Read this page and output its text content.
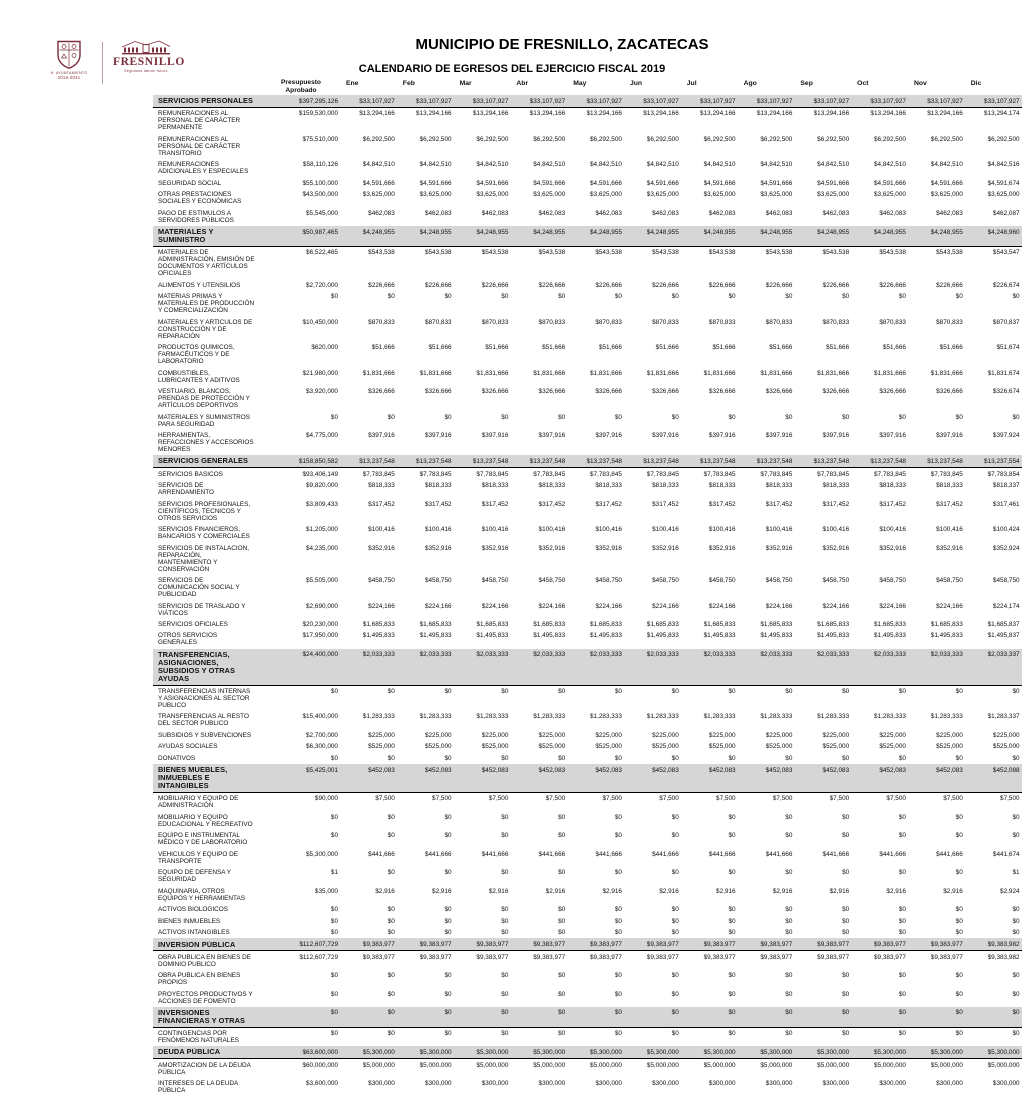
H. AYUNTAMIENTO
2018-2021
FRESNILLO
Seguimos dando futuro
MUNICIPIO DE FRESNILLO, ZACATECAS
CALENDARIO DE EGRESOS DEL EJERCICIO FISCAL 2019
Presupuesto Aprobado
Ene	Feb	Mar	Abr	May	Jun	Jul	Ago	Sep	Oct	Nov	Dic
SERVICIOS PERSONALES	$397,295,126	$33,107,927	$33,107,927	$33,107,927	$33,107,927	$33,107,927	$33,107,927	$33,107,927	$33,107,927	$33,107,927	$33,107,927	$33,107,927	$33,107,927
REMUNERACIONES AL PERSONAL DE CARÁCTER PERMANENTE
$159,530,000	$13,294,166	$13,294,166	$13,294,166	$13,294,166	$13,294,166	$13,294,166	$13,294,166	$13,294,166	$13,294,166	$13,294,166	$13,294,166	$13,294,174
REMUNERACIONES AL PERSONAL DE CARÁCTER TRANSITORIO
$75,510,000	$6,292,500	$6,292,500	$6,292,500	$6,292,500	$6,292,500	$6,292,500	$6,292,500	$6,292,500	$6,292,500	$6,292,500	$6,292,500	$6,292,500
REMUNERACIONES ADICIONALES Y ESPECIALES
$58,110,126	$4,842,510	$4,842,510	$4,842,510	$4,842,510	$4,842,510	$4,842,510	$4,842,510	$4,842,510	$4,842,510	$4,842,510	$4,842,510	$4,842,516
SEGURIDAD SOCIAL	$55,100,000	$4,591,666	$4,591,666	$4,591,666	$4,591,666	$4,591,666	$4,591,666	$4,591,666	$4,591,666	$4,591,666	$4,591,666	$4,591,666	$4,591,674
OTRAS PRESTACIONES SOCIALES Y ECONÓMICAS
$43,500,000	$3,625,000	$3,625,000	$3,625,000	$3,625,000	$3,625,000	$3,625,000	$3,625,000	$3,625,000	$3,625,000	$3,625,000	$3,625,000	$3,625,000
PAGO DE ESTÍMULOS A SERVIDORES PÚBLICOS
$5,545,000	$462,083	$462,083	$462,083	$462,083	$462,083	$462,083	$462,083	$462,083	$462,083	$462,083	$462,083	$462,087
MATERIALES Y SUMINISTRO
$50,987,465	$4,248,955	$4,248,955	$4,248,955	$4,248,955	$4,248,955	$4,248,955	$4,248,955	$4,248,955	$4,248,955	$4,248,955	$4,248,955	$4,248,960
MATERIALES DE ADMINISTRACIÓN, EMISIÓN DE DOCUMENTOS Y ARTÍCULOS OFICIALES
$6,522,465	$543,538	$543,538	$543,538	$543,538	$543,538	$543,538	$543,538	$543,538	$543,538	$543,538	$543,538	$543,547
ALIMENTOS Y UTENSILIOS	$2,720,000	$226,666	$226,666	$226,666	$226,666	$226,666	$226,666	$226,666	$226,666	$226,666	$226,666	$226,666	$226,674
MATERIAS PRIMAS Y MATERIALES DE PRODUCCIÓN Y COMERCIALIZACIÓN
$0	$0	$0	$0	$0	$0	$0	$0	$0	$0	$0	$0	$0
MATERIALES Y ARTÍCULOS DE CONSTRUCCIÓN Y DE REPARACIÓN
$10,450,000	$870,833	$870,833	$870,833	$870,833	$870,833	$870,833	$870,833	$870,833	$870,833	$870,833	$870,833	$870,837
PRODUCTOS QUÍMICOS, FARMACÉUTICOS Y DE LABORATORIO
$620,000	$51,666	$51,666	$51,666	$51,666	$51,666	$51,666	$51,666	$51,666	$51,666	$51,666	$51,666	$51,674
COMBUSTIBLES, LUBRICANTES Y ADITIVOS
$21,980,000	$1,831,666	$1,831,666	$1,831,666	$1,831,666	$1,831,666	$1,831,666	$1,831,666	$1,831,666	$1,831,666	$1,831,666	$1,831,666	$1,831,674
VESTUARIO, BLANCOS, PRENDAS DE PROTECCIÓN Y ARTÍCULOS DEPORTIVOS
$3,920,000	$326,666	$326,666	$326,666	$326,666	$326,666	$326,666	$326,666	$326,666	$326,666	$326,666	$326,666	$326,674
MATERIALES Y SUMINISTROS PARA SEGURIDAD
$0	$0	$0	$0	$0	$0	$0	$0	$0	$0	$0	$0	$0
HERRAMIENTAS, REFACCIONES Y ACCESORIOS MENORES
$4,775,000	$397,916	$397,916	$397,916	$397,916	$397,916	$397,916	$397,916	$397,916	$397,916	$397,916	$397,916	$397,924
SERVICIOS GENERALES	$158,850,582	$13,237,548	$13,237,548	$13,237,548	$13,237,548	$13,237,548	$13,237,548	$13,237,548	$13,237,548	$13,237,548	$13,237,548	$13,237,548	$13,237,554
SERVICIOS BÁSICOS	$93,406,149	$7,783,845	$7,783,845	$7,783,845	$7,783,845	$7,783,845	$7,783,845	$7,783,845	$7,783,845	$7,783,845	$7,783,845	$7,783,845	$7,783,854
SERVICIOS DE ARRENDAMIENTO
$9,820,000	$818,333	$818,333	$818,333	$818,333	$818,333	$818,333	$818,333	$818,333	$818,333	$818,333	$818,333	$818,337
SERVICIOS PROFESIONALES, CIENTÍFICOS, TECNICOS Y OTROS SERVICIOS
$3,809,433	$317,452	$317,452	$317,452	$317,452	$317,452	$317,452	$317,452	$317,452	$317,452	$317,452	$317,452	$317,461
SERVICIOS FINANCIEROS, BANCARIOS Y COMERCIALES
$1,205,000	$100,416	$100,416	$100,416	$100,416	$100,416	$100,416	$100,416	$100,416	$100,416	$100,416	$100,416	$100,424
SERVICIOS DE INSTALACIÓN, REPARACIÓN, MANTENIMIENTO Y CONSERVACIÓN
$4,235,000	$352,916	$352,916	$352,916	$352,916	$352,916	$352,916	$352,916	$352,916	$352,916	$352,916	$352,916	$352,924
SERVICIOS DE COMUNICACIÓN SOCIAL Y PUBLICIDAD
$5,505,000	$458,750	$458,750	$458,750	$458,750	$458,750	$458,750	$458,750	$458,750	$458,750	$458,750	$458,750	$458,750
SERVICIOS DE TRASLADO Y VIÁTICOS
$2,690,000	$224,166	$224,166	$224,166	$224,166	$224,166	$224,166	$224,166	$224,166	$224,166	$224,166	$224,166	$224,174
SERVICIOS OFICIALES	$20,230,000	$1,685,833	$1,685,833	$1,685,833	$1,685,833	$1,685,833	$1,685,833	$1,685,833	$1,685,833	$1,685,833	$1,685,833	$1,685,833	$1,685,837
OTROS SERVICIOS GENERALES
$17,950,000	$1,495,833	$1,495,833	$1,495,833	$1,495,833	$1,495,833	$1,495,833	$1,495,833	$1,495,833	$1,495,833	$1,495,833	$1,495,833	$1,495,837
TRANSFERENCIAS, ASIGNACIONES, SUBSIDIOS Y OTRAS AYUDAS
$24,400,000	$2,033,333	$2,033,333	$2,033,333	$2,033,333	$2,033,333	$2,033,333	$2,033,333	$2,033,333	$2,033,333	$2,033,333	$2,033,333	$2,033,337
TRANSFERENCIAS INTERNAS Y ASIGNACIONES AL SECTOR PUBLICO
$0	$0	$0	$0	$0	$0	$0	$0	$0	$0	$0	$0	$0
TRANSFERENCIAS AL RESTO DEL SECTOR PUBLICO
$15,400,000	$1,283,333	$1,283,333	$1,283,333	$1,283,333	$1,283,333	$1,283,333	$1,283,333	$1,283,333	$1,283,333	$1,283,333	$1,283,333	$1,283,337
SUBSIDIOS Y SUBVENCIONES	$2,700,000	$225,000	$225,000	$225,000	$225,000	$225,000	$225,000	$225,000	$225,000	$225,000	$225,000	$225,000	$225,000
AYUDAS SOCIALES	$6,300,000	$525,000	$525,000	$525,000	$525,000	$525,000	$525,000	$525,000	$525,000	$525,000	$525,000	$525,000	$525,000
DONATIVOS	$0	$0	$0	$0	$0	$0	$0	$0	$0	$0	$0	$0	$0
BIENES MUEBLES, INMUEBLES E INTANGIBLES
$5,425,001	$452,083	$452,083	$452,083	$452,083	$452,083	$452,083	$452,083	$452,083	$452,083	$452,083	$452,083	$452,088
MOBILIARIO Y EQUIPO DE ADMINISTRACIÓN
$90,000	$7,500	$7,500	$7,500	$7,500	$7,500	$7,500	$7,500	$7,500	$7,500	$7,500	$7,500	$7,500
MOBILIARIO Y EQUIPO EDUCACIONAL Y RECREATIVO
$0	$0	$0	$0	$0	$0	$0	$0	$0	$0	$0	$0	$0
EQUIPO E INSTRUMENTAL MEDICO Y DE LABORATORIO
$0	$0	$0	$0	$0	$0	$0	$0	$0	$0	$0	$0	$0
VEHICULOS Y EQUIPO DE TRANSPORTE
$5,300,000	$441,666	$441,666	$441,666	$441,666	$441,666	$441,666	$441,666	$441,666	$441,666	$441,666	$441,666	$441,674
EQUIPO DE DEFENSA Y SEGURIDAD
$1	$0	$0	$0	$0	$0	$0	$0	$0	$0	$0	$0	$1
MAQUINARIA, OTROS EQUIPOS Y HERRAMIENTAS
$35,000	$2,916	$2,916	$2,916	$2,916	$2,916	$2,916	$2,916	$2,916	$2,916	$2,916	$2,916	$2,924
ACTIVOS BIOLÓGICOS	$0	$0	$0	$0	$0	$0	$0	$0	$0	$0	$0	$0	$0
BIENES INMUEBLES	$0	$0	$0	$0	$0	$0	$0	$0	$0	$0	$0	$0	$0
ACTIVOS INTANGIBLES	$0	$0	$0	$0	$0	$0	$0	$0	$0	$0	$0	$0	$0
INVERSION PÚBLICA	$112,607,729	$9,383,977	$9,383,977	$9,383,977	$9,383,977	$9,383,977	$9,383,977	$9,383,977	$9,383,977	$9,383,977	$9,383,977	$9,383,977	$9,383,982
OBRA PUBLICA EN BIENES DE DOMINIO PUBLICO
$112,607,729	$9,383,977	$9,383,977	$9,383,977	$9,383,977	$9,383,977	$9,383,977	$9,383,977	$9,383,977	$9,383,977	$9,383,977	$9,383,977	$9,383,982
OBRA PÚBLICA EN BIENES PROPIOS
$0	$0	$0	$0	$0	$0	$0	$0	$0	$0	$0	$0	$0
PROYECTOS PRODUCTIVOS Y ACCIONES DE FOMENTO
$0	$0	$0	$0	$0	$0	$0	$0	$0	$0	$0	$0	$0
INVERSIONES FINANCIERAS Y OTRAS
$0	$0	$0	$0	$0	$0	$0	$0	$0	$0	$0	$0	$0
CONTINGENCIAS POR FENÓMENOS NATURALES
$0	$0	$0	$0	$0	$0	$0	$0	$0	$0	$0	$0	$0
DEUDA PÚBLICA	$63,600,000	$5,300,000	$5,300,000	$5,300,000	$5,300,000	$5,300,000	$5,300,000	$5,300,000	$5,300,000	$5,300,000	$5,300,000	$5,300,000	$5,300,000
AMORTIZACIÓN DE LA DEUDA PÚBLICA
$60,000,000	$5,000,000	$5,000,000	$5,000,000	$5,000,000	$5,000,000	$5,000,000	$5,000,000	$5,000,000	$5,000,000	$5,000,000	$5,000,000	$5,000,000
INTERESES DE LA DEUDA PÚBLICA
$3,600,000	$300,000	$300,000	$300,000	$300,000	$300,000	$300,000	$300,000	$300,000	$300,000	$300,000	$300,000	$300,000
